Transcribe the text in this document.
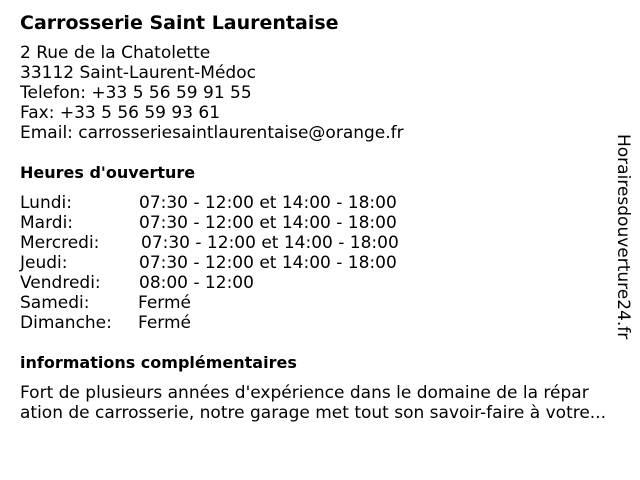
Carrosserie Saint Laurentaise
2 Rue de la Chatolette
33112 Saint-Laurent-Médoc
Telefon: +33 5 56 59 91 55
Fax: +33 5 56 59 93 61
Email: carrosseriesaintlaurentaise@orange.fr
Heures d'ouverture
Lundi:	07:30 - 12:00 et 14:00 - 18:00
Mardi:	07:30 - 12:00 et 14:00 - 18:00
Mercredi: 07:30 - 12:00 et 14:00 - 18:00
Jeudi:	07:30 - 12:00 et 14:00 - 18:00
Vendredi: 08:00 - 12:00
Samedi:	Fermé
Dimanche: Fermé
informations complémentaires
Fort de plusieurs années d'expérience dans le domaine de la répar
ation de carrosserie, notre garage met tout son savoir-faire à votre...
Horairesdouverture24.fr
